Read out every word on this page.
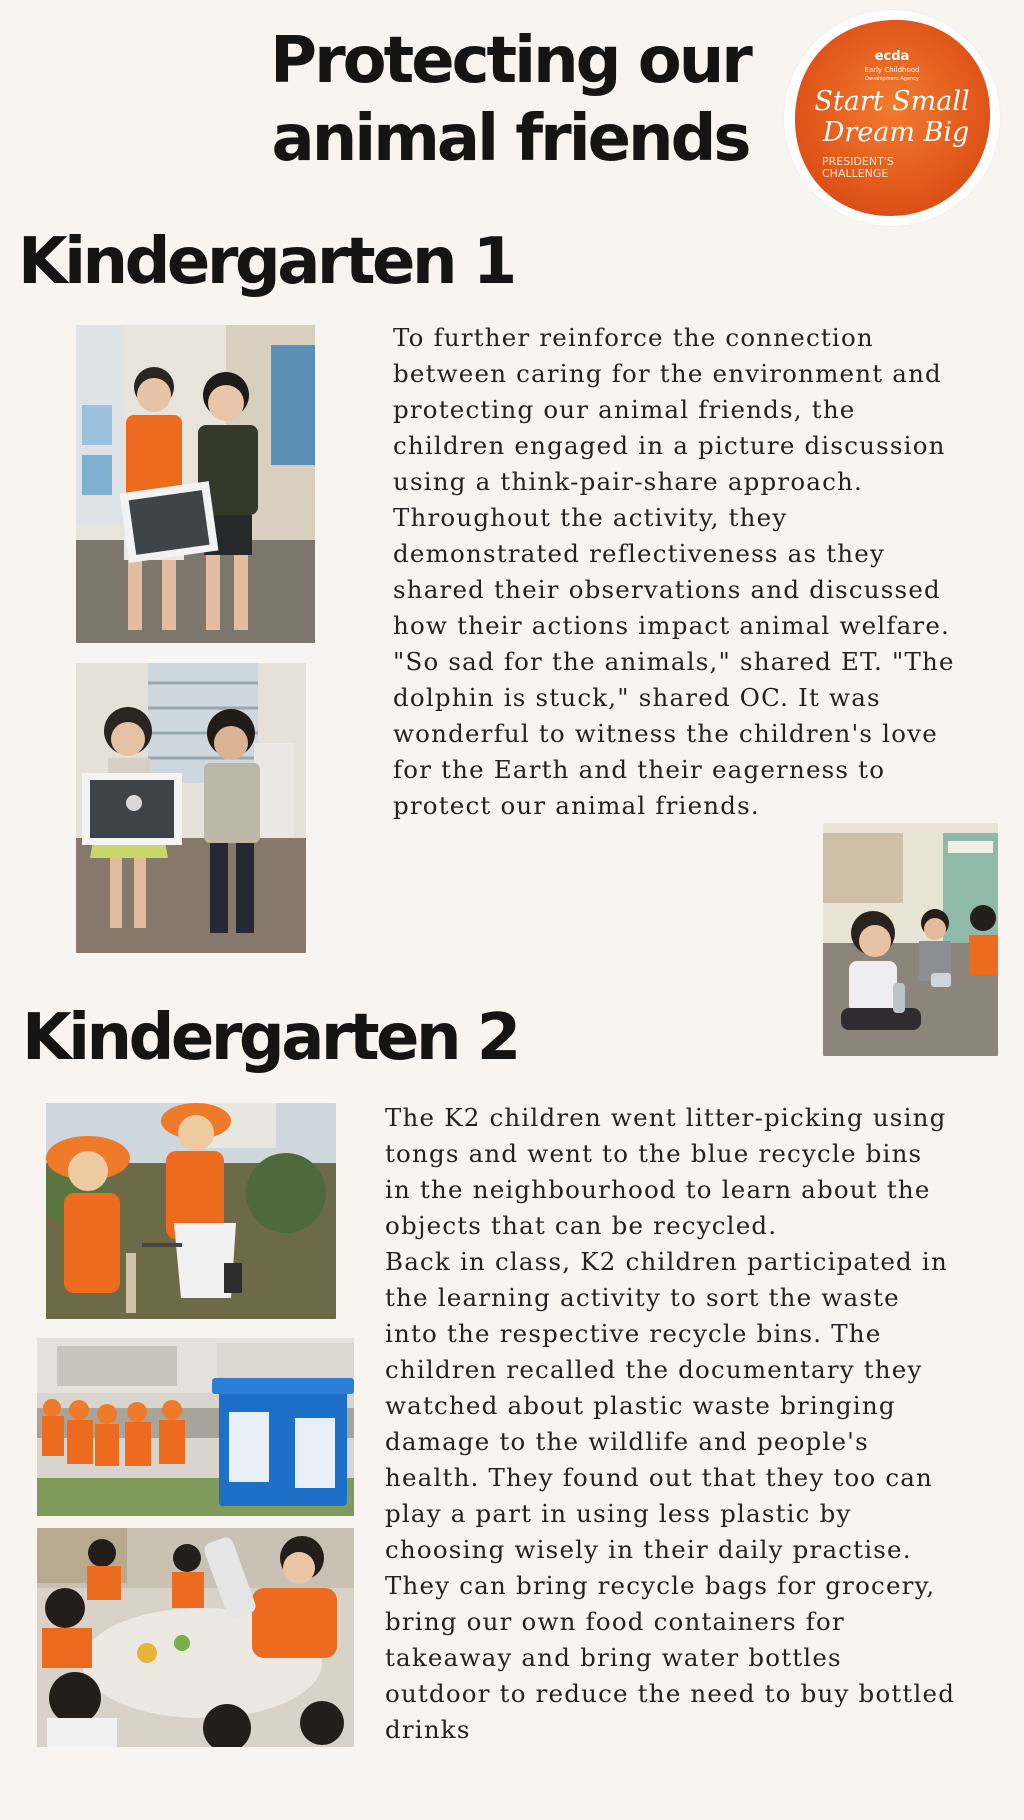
Protecting our
animal friends
ecda
Early Childhood
Development Agency
Start Small
Dream Big
PRESIDENT'S
CHALLENGE
Kindergarten 1

To further reinforce the connection
between caring for the environment and
protecting our animal friends, the
children engaged in a picture discussion
using a think-pair-share approach.
Throughout the activity, they
demonstrated reflectiveness as they
shared their observations and discussed
how their actions impact animal welfare.
"So sad for the animals," shared ET. "The
dolphin is stuck," shared OC. It was
wonderful to witness the children's love
for the Earth and their eagerness to
protect our animal friends.

Kindergarten 2

The K2 children went litter-picking using
tongs and went to the blue recycle bins
in the neighbourhood to learn about the
objects that can be recycled.
Back in class, K2 children participated in
the learning activity to sort the waste
into the respective recycle bins. The
children recalled the documentary they
watched about plastic waste bringing
damage to the wildlife and people's
health. They found out that they too can
play a part in using less plastic by
choosing wisely in their daily practise.
They can bring recycle bags for grocery,
bring our own food containers for
takeaway and bring water bottles
outdoor to reduce the need to buy bottled
drinks
